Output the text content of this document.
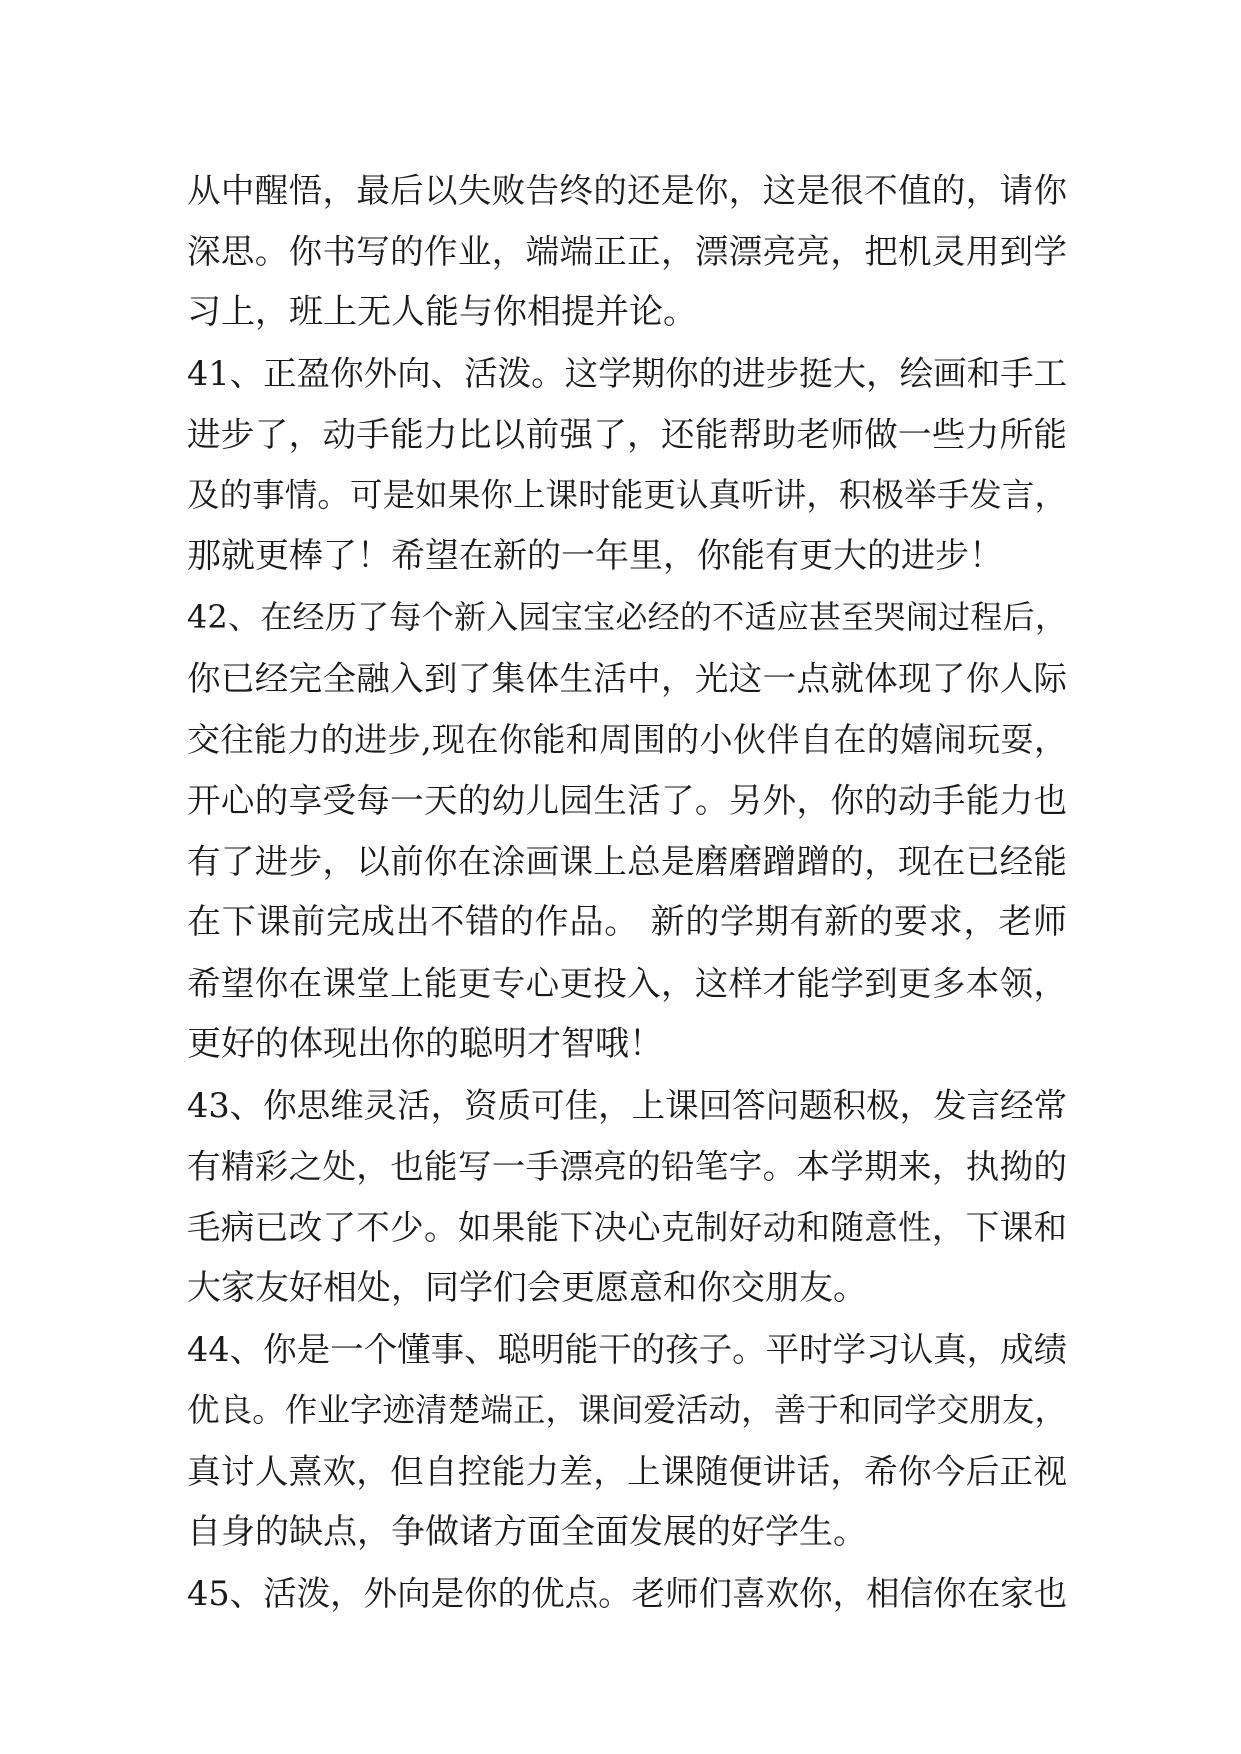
从中醒悟，最后以失败告终的还是你，这是很不值的，请你
深思。你书写的作业，端端正正，漂漂亮亮，把机灵用到学
习上，班上无人能与你相提并论。
41、正盈你外向、活泼。这学期你的进步挺大，绘画和手工
进步了，动手能力比以前强了，还能帮助老师做一些力所能
及的事情。可是如果你上课时能更认真听讲，积极举手发言，
那就更棒了！希望在新的一年里，你能有更大的进步！
42、在经历了每个新入园宝宝必经的不适应甚至哭闹过程后，
你已经完全融入到了集体生活中，光这一点就体现了你人际
交往能力的进步,现在你能和周围的小伙伴自在的嬉闹玩耍，
开心的享受每一天的幼儿园生活了。另外，你的动手能力也
有了进步，以前你在涂画课上总是磨磨蹭蹭的，现在已经能
在下课前完成出不错的作品。 新的学期有新的要求，老师
希望你在课堂上能更专心更投入，这样才能学到更多本领，
更好的体现出你的聪明才智哦！
43、你思维灵活，资质可佳，上课回答问题积极，发言经常
有精彩之处，也能写一手漂亮的铅笔字。本学期来，执拗的
毛病已改了不少。如果能下决心克制好动和随意性，下课和
大家友好相处，同学们会更愿意和你交朋友。
44、你是一个懂事、聪明能干的孩子。平时学习认真，成绩
优良。作业字迹清楚端正，课间爱活动，善于和同学交朋友，
真讨人熹欢，但自控能力差，上课随便讲话，希你今后正视
自身的缺点，争做诸方面全面发展的好学生。
45、活泼，外向是你的优点。老师们喜欢你，相信你在家也
